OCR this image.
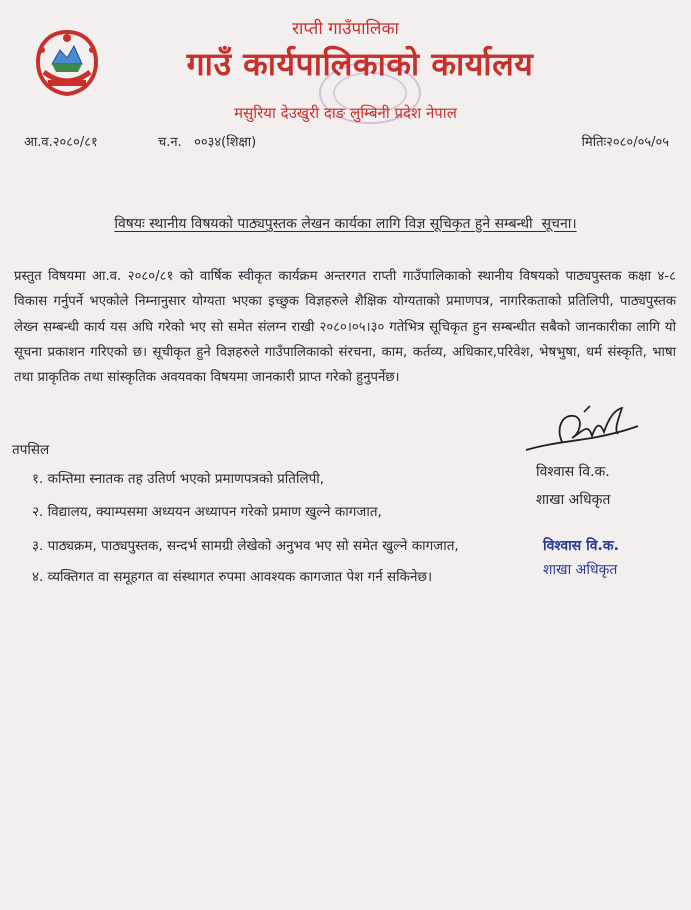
राप्ती गाउँपालिका
गाउँ कार्यपालिकाको कार्यालय
मसुरिया देउखुरी दाङ लुम्बिनी प्रदेश नेपाल
आ.व.२०८०/८१	च.न.   ००३४(शिक्षा)	मितिः२०८०/०५/०५
विषयः स्थानीय विषयको पाठ्यपुस्तक लेखन कार्यका लागि विज्ञ सूचिकृत हुने सम्बन्धी  सूचना।
प्रस्तुत विषयमा आ.व. २०८०/८१ को वार्षिक स्वीकृत कार्यक्रम अन्तरगत राप्ती गाउँपालिकाको स्थानीय विषयको पाठ्यपुस्तक कक्षा ४-८ विकास गर्नुपर्ने भएकोले निम्नानुसार योग्यता भएका इच्छुक विज्ञहरुले शैक्षिक योग्यताको प्रमाणपत्र, नागरिकताको प्रतिलिपी, पाठ्यपुस्तक लेख्न सम्बन्धी कार्य यस अघि गरेको भए सो समेत संलग्न राखी २०८०।०५।३० गतेभित्र सूचिकृत हुन सम्बन्धीत सबैको जानकारीका लागि यो सूचना प्रकाशन गरिएको छ। सूचीकृत हुने विज्ञहरुले गाउँपालिकाको संरचना, काम, कर्तव्य, अधिकार,परिवेश, भेषभुषा, धर्म संस्कृति, भाषा तथा प्राकृतिक तथा सांस्कृतिक अवयवका विषयमा जानकारी प्राप्त गरेको हुनुपर्नेछ।
तपसिल
१. कम्तिमा स्नातक तह उतिर्ण भएको प्रमाणपत्रको प्रतिलिपी,
२. विद्यालय, क्याम्पसमा अध्ययन अध्यापन गरेको प्रमाण खुल्ने कागजात,
३. पाठ्यक्रम, पाठ्यपुस्तक, सन्दर्भ सामग्री लेखेको अनुभव भए सो समेत खुल्ने कागजात,
४. व्यक्तिगत वा समूहगत वा संस्थागत रुपमा आवश्यक कागजात पेश गर्न सकिनेछ।
विश्वास वि.क.
शाखा अधिकृत
विश्वास वि.क.
शाखा अधिकृत
